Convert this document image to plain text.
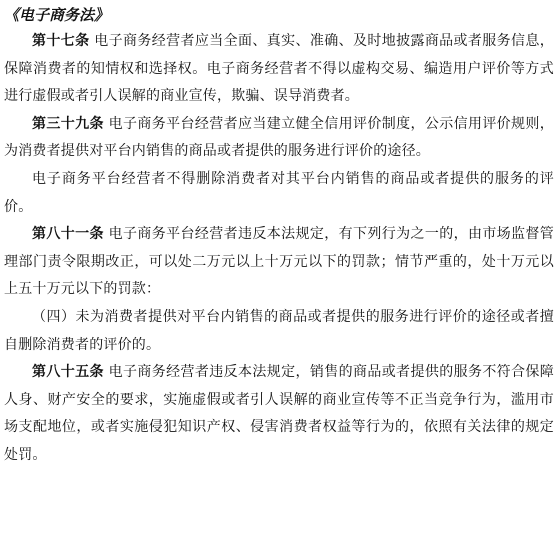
《电子商务法》

第十七条 电子商务经营者应当全面、真实、准确、及时地披露商品或者服务信息，保障消费者的知情权和选择权。电子商务经营者不得以虚构交易、编造用户评价等方式进行虚假或者引人误解的商业宣传，欺骗、误导消费者。

第三十九条 电子商务平台经营者应当建立健全信用评价制度，公示信用评价规则，为消费者提供对平台内销售的商品或者提供的服务进行评价的途径。

电子商务平台经营者不得删除消费者对其平台内销售的商品或者提供的服务的评价。

第八十一条 电子商务平台经营者违反本法规定，有下列行为之一的，由市场监督管理部门责令限期改正，可以处二万元以上十万元以下的罚款；情节严重的，处十万元以上五十万元以下的罚款：

（四）未为消费者提供对平台内销售的商品或者提供的服务进行评价的途径或者擅自删除消费者的评价的。

第八十五条 电子商务经营者违反本法规定，销售的商品或者提供的服务不符合保障人身、财产安全的要求，实施虚假或者引人误解的商业宣传等不正当竞争行为，滥用市场支配地位，或者实施侵犯知识产权、侵害消费者权益等行为的，依照有关法律的规定处罚。
